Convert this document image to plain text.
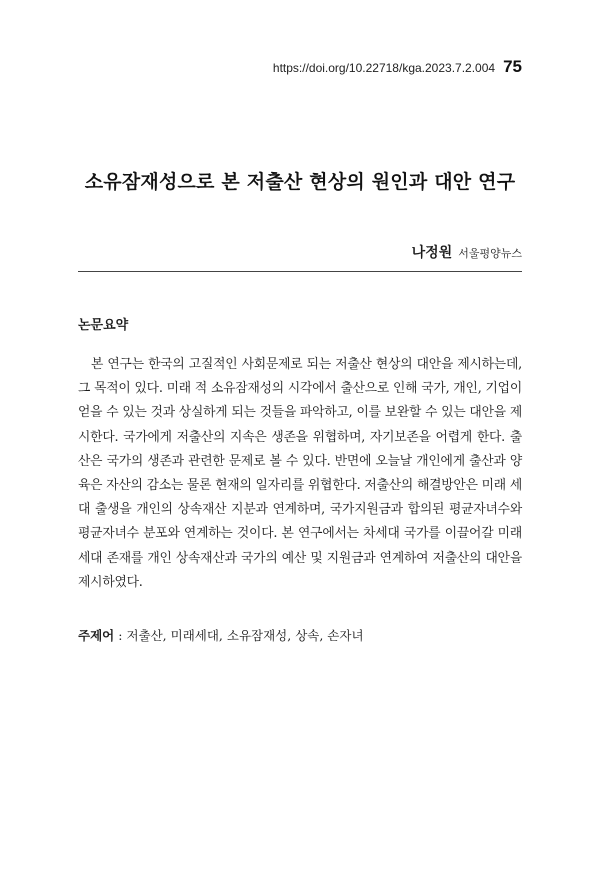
https://doi.org/10.22718/kga.2023.7.2.004 75
소유잠재성으로 본 저출산 현상의 원인과 대안 연구
나정원 서울평양뉴스
논문요약

본 연구는 한국의 고질적인 사회문제로 되는 저출산 현상의 대안을 제시하는데, 그 목적이 있다. 미래 적 소유잠재성의 시각에서 출산으로 인해 국가, 개인, 기업이 얻을 수 있는 것과 상실하게 되는 것들을 파악하고, 이를 보완할 수 있는 대안을 제시한다. 국가에게 저출산의 지속은 생존을 위협하며, 자기보존을 어렵게 한다. 출산은 국가의 생존과 관련한 문제로 볼 수 있다. 반면에 오늘날 개인에게 출산과 양육은 자산의 감소는 물론 현재의 일자리를 위협한다. 저출산의 해결방안은 미래 세대 출생을 개인의 상속재산 지분과 연계하며, 국가지원금과 합의된 평균자녀수와 평균자녀수 분포와 연계하는 것이다. 본 연구에서는 차세대 국가를 이끌어갈 미래 세대 존재를 개인 상속재산과 국가의 예산 및 지원금과 연계하여 저출산의 대안을 제시하였다.

주제어 : 저출산, 미래세대, 소유잠재성, 상속, 손자녀
